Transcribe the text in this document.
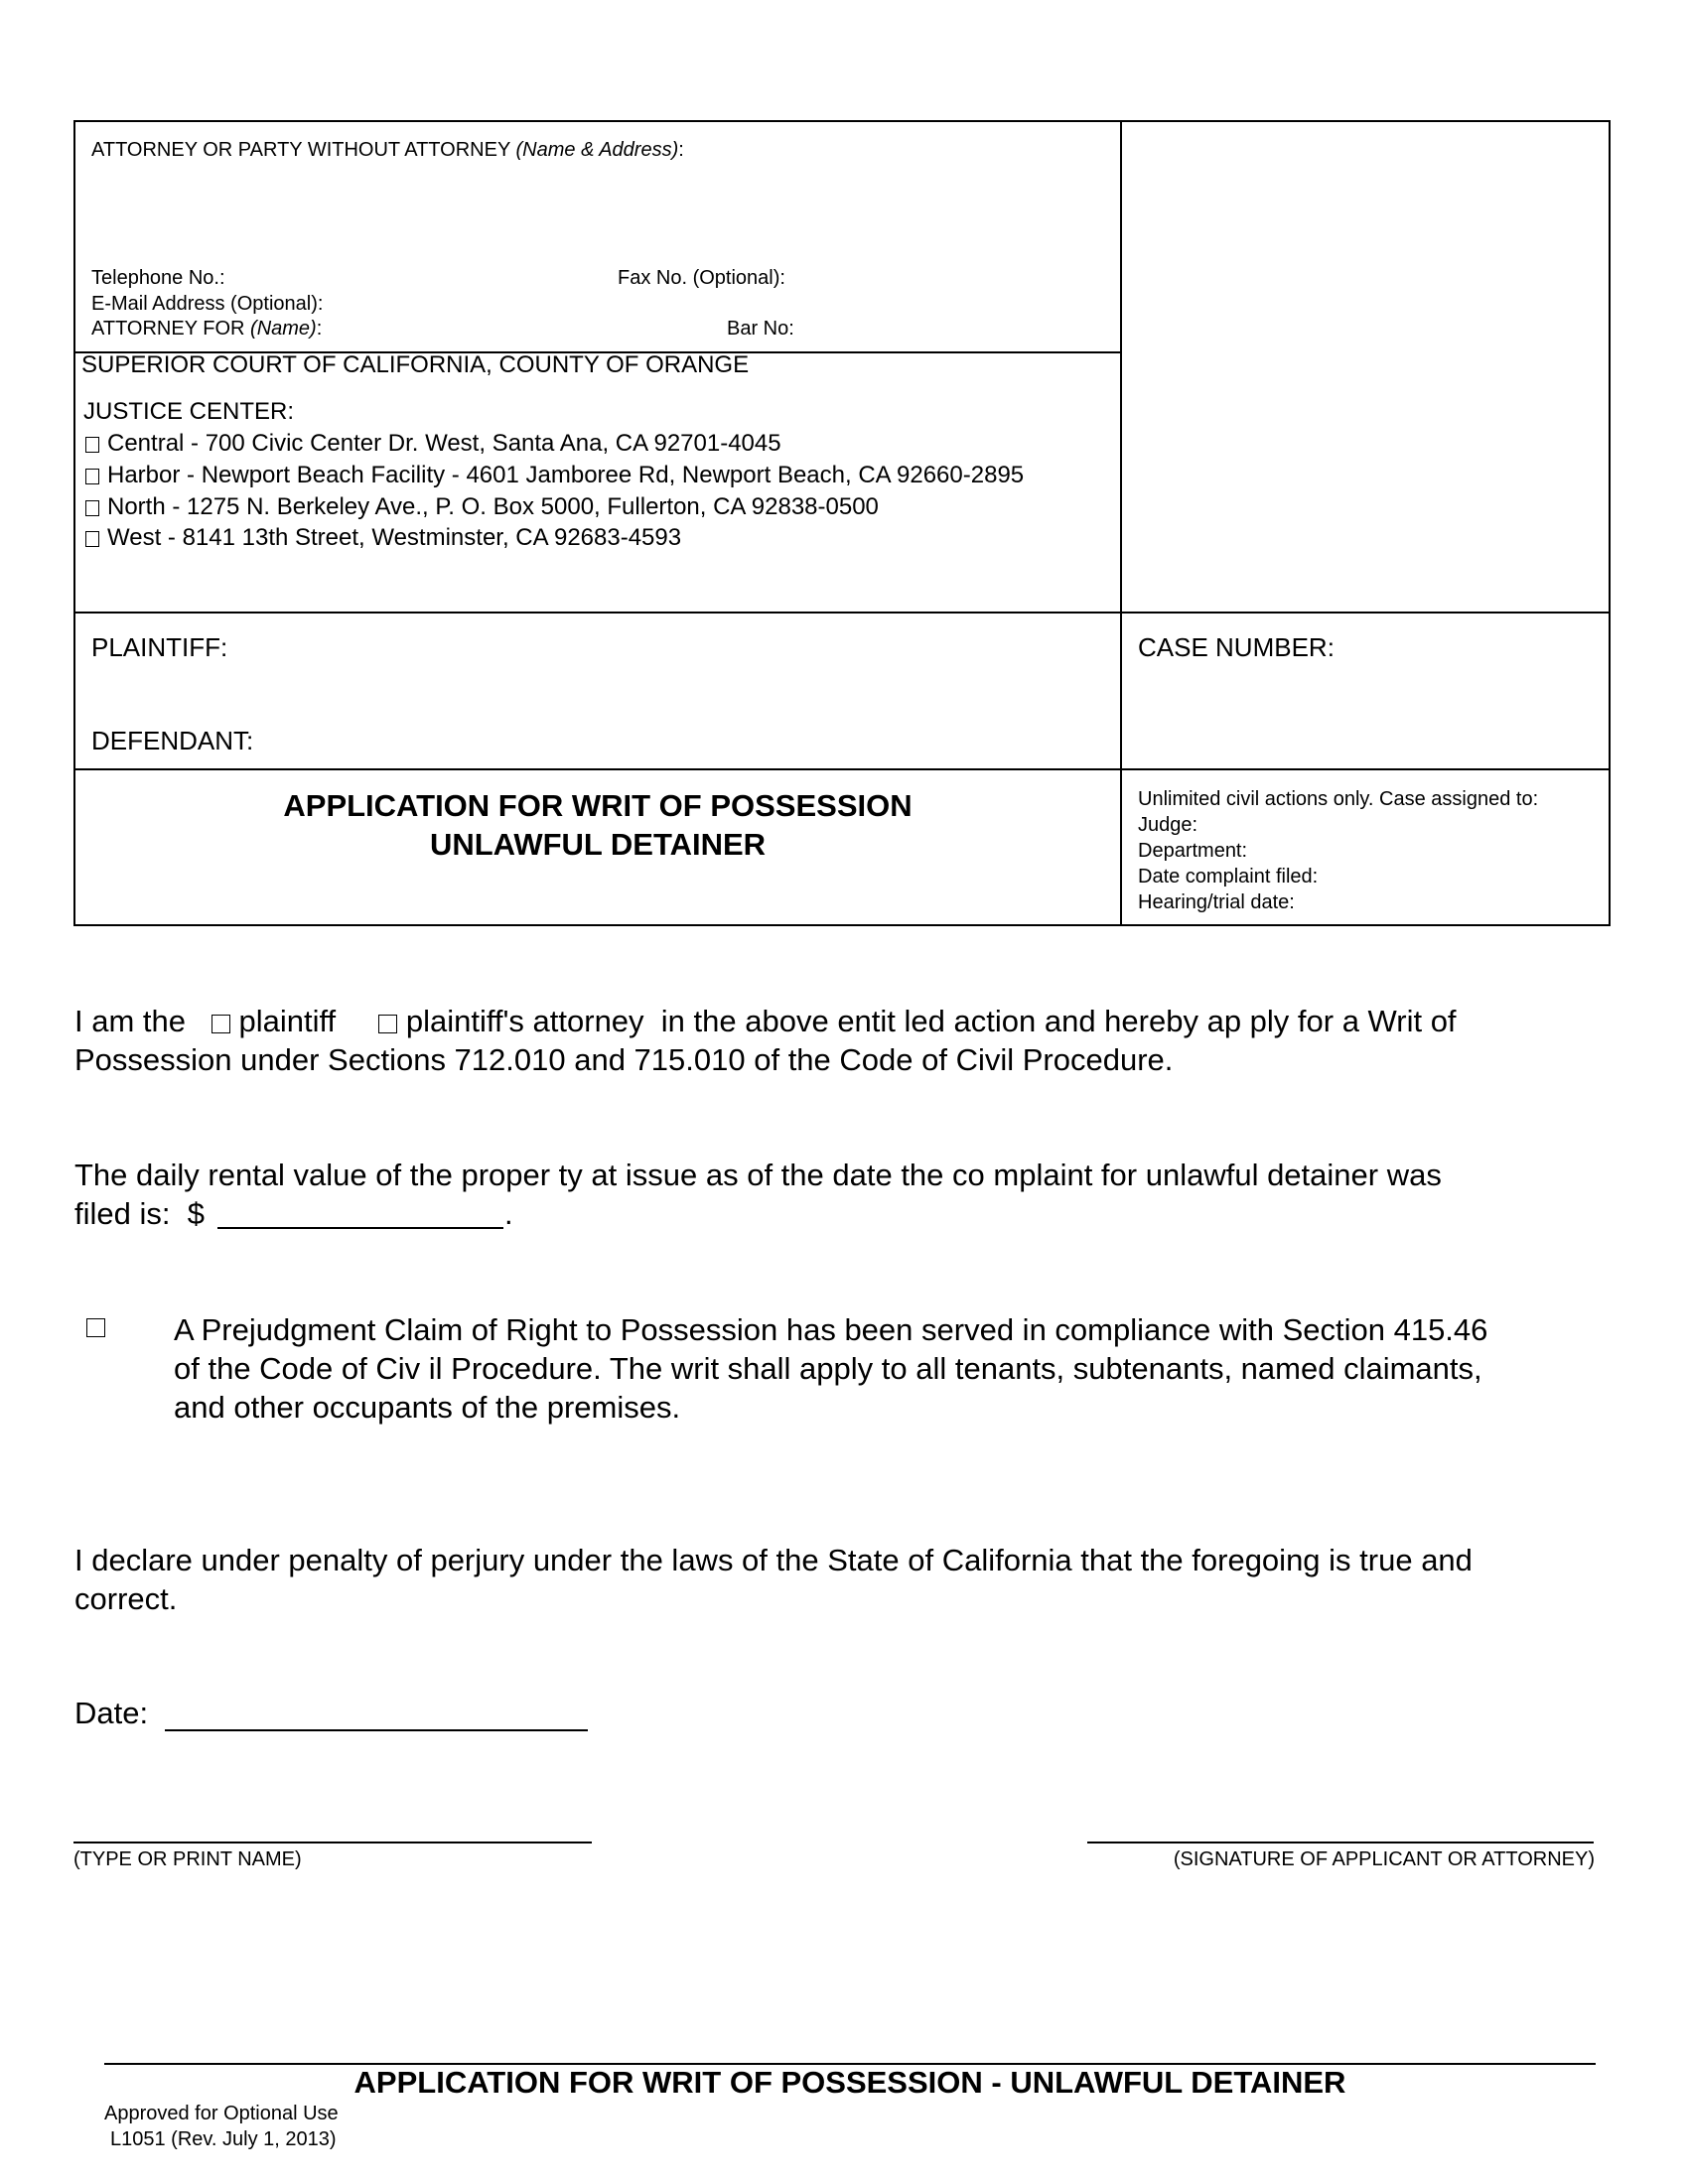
ATTORNEY OR PARTY WITHOUT ATTORNEY (Name & Address):
Telephone No.:	Fax No. (Optional):
E-Mail Address (Optional):
ATTORNEY FOR (Name):	Bar No:
SUPERIOR COURT OF CALIFORNIA, COUNTY OF ORANGE
JUSTICE CENTER:
Central - 700 Civic Center Dr. West, Santa Ana, CA 92701-4045
Harbor - Newport Beach Facility - 4601 Jamboree Rd, Newport Beach, CA 92660-2895
North - 1275 N. Berkeley Ave., P. O. Box 5000, Fullerton, CA 92838-0500
West - 8141 13th Street, Westminster, CA 92683-4593
PLAINTIFF:
DEFENDANT:
CASE NUMBER:
APPLICATION FOR WRIT OF POSSESSION
UNLAWFUL DETAINER
Unlimited civil actions only. Case assigned to:
Judge:
Department:
Date complaint filed:
Hearing/trial date:
I am the plaintiff plaintiff's attorney in the above entit led action and hereby ap ply for a Writ of
Possession under Sections 712.010 and 715.010 of the Code of Civil Procedure.
The daily rental value of the proper ty at issue as of the date the co mplaint for unlawful detainer was
filed is: $	.
A Prejudgment Claim of Right to Possession has been served in compliance with Section 415.46
of the Code of Civ il Procedure. The writ shall apply to all tenants, subtenants, named claimants,
and other occupants of the premises.
I declare under penalty of perjury under the laws of the State of California that the foregoing is true and
correct.
Date:
(TYPE OR PRINT NAME)	(SIGNATURE OF APPLICANT OR ATTORNEY)
APPLICATION FOR WRIT OF POSSESSION - UNLAWFUL DETAINER
Approved for Optional Use
L1051 (Rev. July 1, 2013)
